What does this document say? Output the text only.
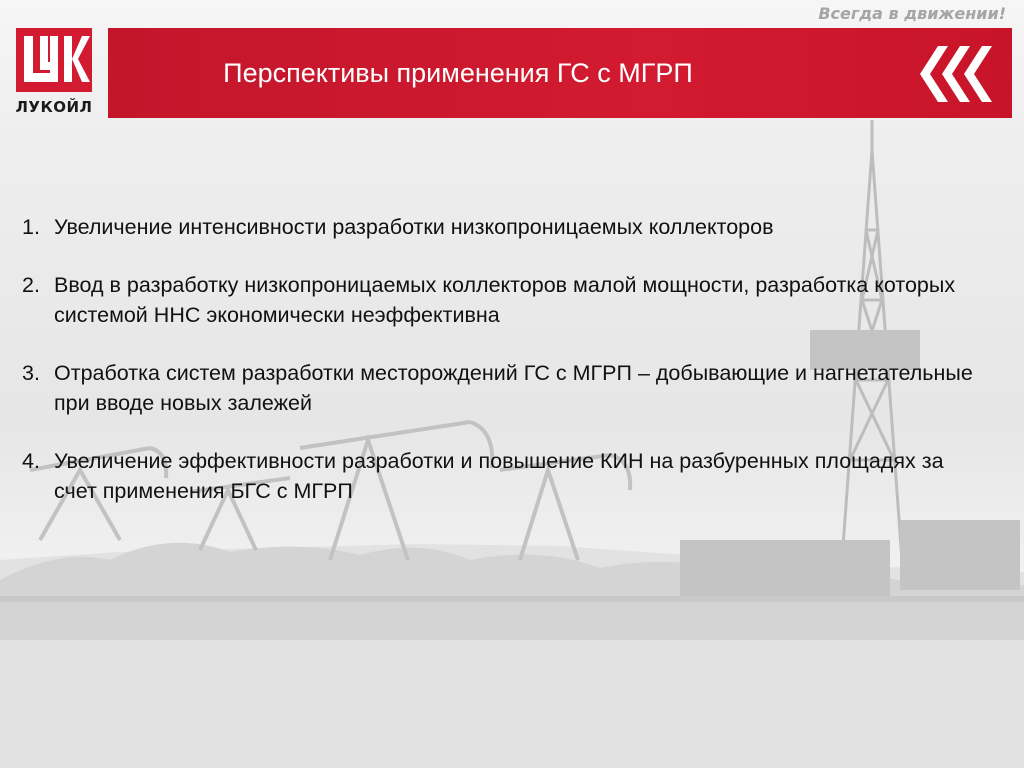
Всегда в движении!
ЛУКОЙЛ
Перспективы применения ГС с МГРП
1. Увеличение интенсивности разработки низкопроницаемых коллекторов
2. Ввод в разработку низкопроницаемых коллекторов малой мощности, разработка которых системой ННС экономически неэффективна
3. Отработка систем разработки месторождений ГС с МГРП – добывающие и нагнетательные при вводе новых залежей
4. Увеличение эффективности разработки и повышение КИН на разбуренных площадях за счет применения БГС с МГРП
